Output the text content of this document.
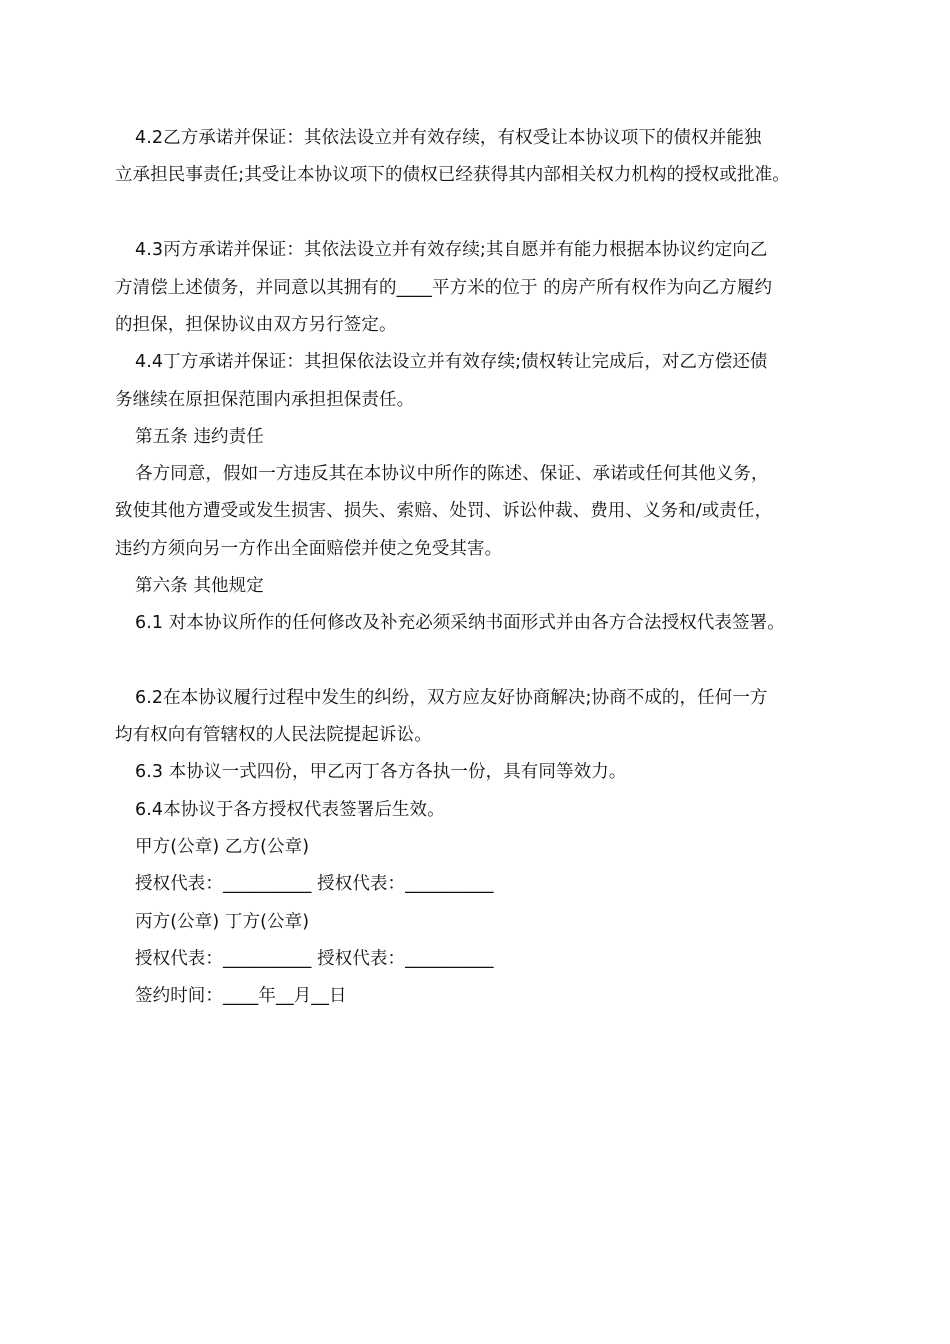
4.2乙方承诺并保证：其依法设立并有效存续，有权受让本协议项下的债权并能独
立承担民事责任;其受让本协议项下的债权已经获得其内部相关权力机构的授权或批准。
4.3丙方承诺并保证：其依法设立并有效存续;其自愿并有能力根据本协议约定向乙
方清偿上述债务，并同意以其拥有的____平方米的位于 的房产所有权作为向乙方履约
的担保，担保协议由双方另行签定。
4.4丁方承诺并保证：其担保依法设立并有效存续;债权转让完成后，对乙方偿还债
务继续在原担保范围内承担担保责任。
第五条 违约责任
各方同意，假如一方违反其在本协议中所作的陈述、保证、承诺或任何其他义务，
致使其他方遭受或发生损害、损失、索赔、处罚、诉讼仲裁、费用、义务和/或责任，
违约方须向另一方作出全面赔偿并使之免受其害。
第六条 其他规定
6.1 对本协议所作的任何修改及补充必须采纳书面形式并由各方合法授权代表签署。
6.2在本协议履行过程中发生的纠纷，双方应友好协商解决;协商不成的，任何一方
均有权向有管辖权的人民法院提起诉讼。
6.3 本协议一式四份，甲乙丙丁各方各执一份，具有同等效力。
6.4本协议于各方授权代表签署后生效。
甲方(公章) 乙方(公章)
授权代表：__________ 授权代表：__________
丙方(公章) 丁方(公章)
授权代表：__________ 授权代表：__________
签约时间：____年__月__日
